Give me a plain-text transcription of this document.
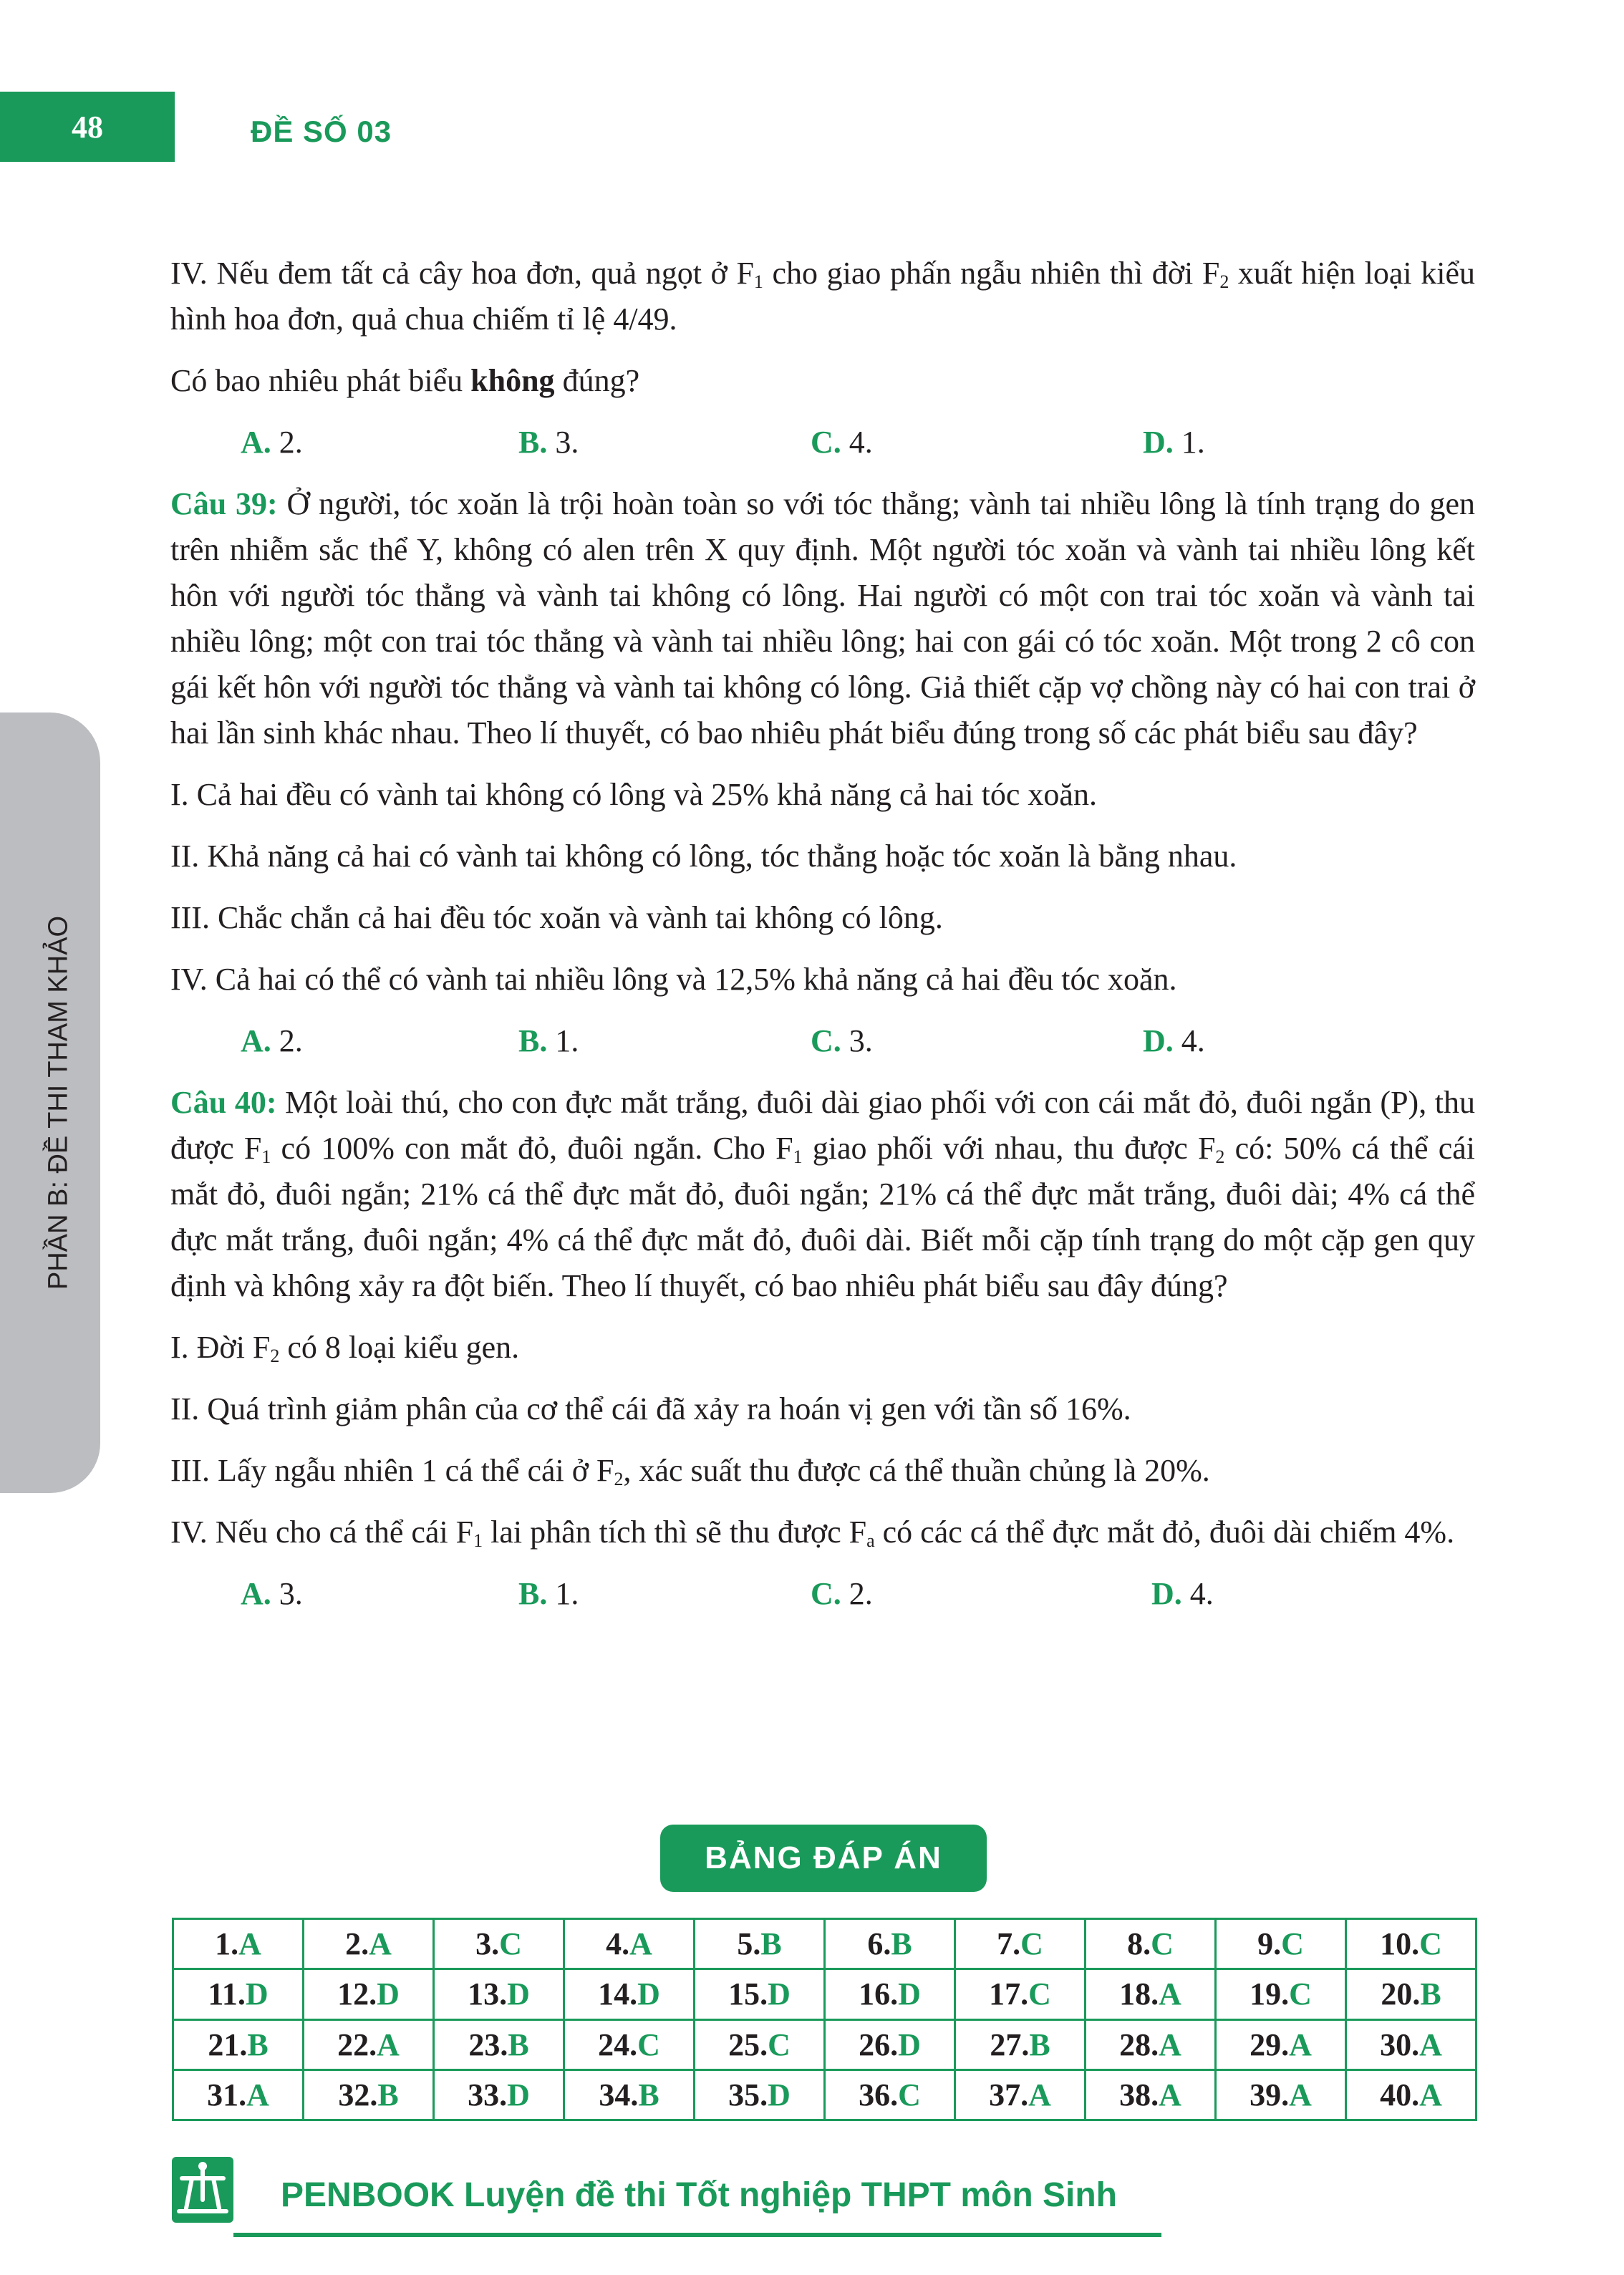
48	ĐỀ SỐ 03
PHẦN B: ĐỀ THI THAM KHẢO

IV. Nếu đem tất cả cây hoa đơn, quả ngọt ở $F_1$ cho giao phấn ngẫu nhiên thì đời $F_2$ xuất hiện loại kiểu hình hoa đơn, quả chua chiếm tỉ lệ 4/49.

Có bao nhiêu phát biểu không đúng?

A. 2.	B. 3.	C. 4.	D. 1.

Câu 39: Ở người, tóc xoăn là trội hoàn toàn so với tóc thẳng; vành tai nhiều lông là tính trạng do gen trên nhiễm sắc thể Y, không có alen trên X quy định. Một người tóc xoăn và vành tai nhiều lông kết hôn với người tóc thẳng và vành tai không có lông. Hai người có một con trai tóc xoăn và vành tai nhiều lông; một con trai tóc thẳng và vành tai nhiều lông; hai con gái có tóc xoăn. Một trong 2 cô con gái kết hôn với người tóc thẳng và vành tai không có lông. Giả thiết cặp vợ chồng này có hai con trai ở hai lần sinh khác nhau. Theo lí thuyết, có bao nhiêu phát biểu đúng trong số các phát biểu sau đây?

I. Cả hai đều có vành tai không có lông và 25% khả năng cả hai tóc xoăn.

II. Khả năng cả hai có vành tai không có lông, tóc thẳng hoặc tóc xoăn là bằng nhau.

III. Chắc chắn cả hai đều tóc xoăn và vành tai không có lông.

IV. Cả hai có thể có vành tai nhiều lông và 12,5% khả năng cả hai đều tóc xoăn.

A. 2.	B. 1.	C. 3.	D. 4.

Câu 40: Một loài thú, cho con đực mắt trắng, đuôi dài giao phối với con cái mắt đỏ, đuôi ngắn (P), thu được $F_1$ có 100% con mắt đỏ, đuôi ngắn. Cho $F_1$ giao phối với nhau, thu được $F_2$ có: 50% cá thể cái mắt đỏ, đuôi ngắn; 21% cá thể đực mắt đỏ, đuôi ngắn; 21% cá thể đực mắt trắng, đuôi dài; 4% cá thể đực mắt trắng, đuôi ngắn; 4% cá thể đực mắt đỏ, đuôi dài. Biết mỗi cặp tính trạng do một cặp gen quy định và không xảy ra đột biến. Theo lí thuyết, có bao nhiêu phát biểu sau đây đúng?

I. Đời $F_2$ có 8 loại kiểu gen.

II. Quá trình giảm phân của cơ thể cái đã xảy ra hoán vị gen với tần số 16%.

III. Lấy ngẫu nhiên 1 cá thể cái ở $F_2$, xác suất thu được cá thể thuần chủng là 20%.

IV. Nếu cho cá thể cái $F_1$ lai phân tích thì sẽ thu được $F_a$ có các cá thể đực mắt đỏ, đuôi dài chiếm 4%.

A. 3.	B. 1.	C. 2.	D. 4.
BẢNG ĐÁP ÁN
1.A	2.A	3.C	4.A	5.B	6.B	7.C	8.C	9.C	10.C
11.D	12.D	13.D	14.D	15.D	16.D	17.C	18.A	19.C	20.B
21.B	22.A	23.B	24.C	25.C	26.D	27.B	28.A	29.A	30.A
31.A	32.B	33.D	34.B	35.D	36.C	37.A	38.A	39.A	40.A
PENBOOK Luyện đề thi Tốt nghiệp THPT môn Sinh
